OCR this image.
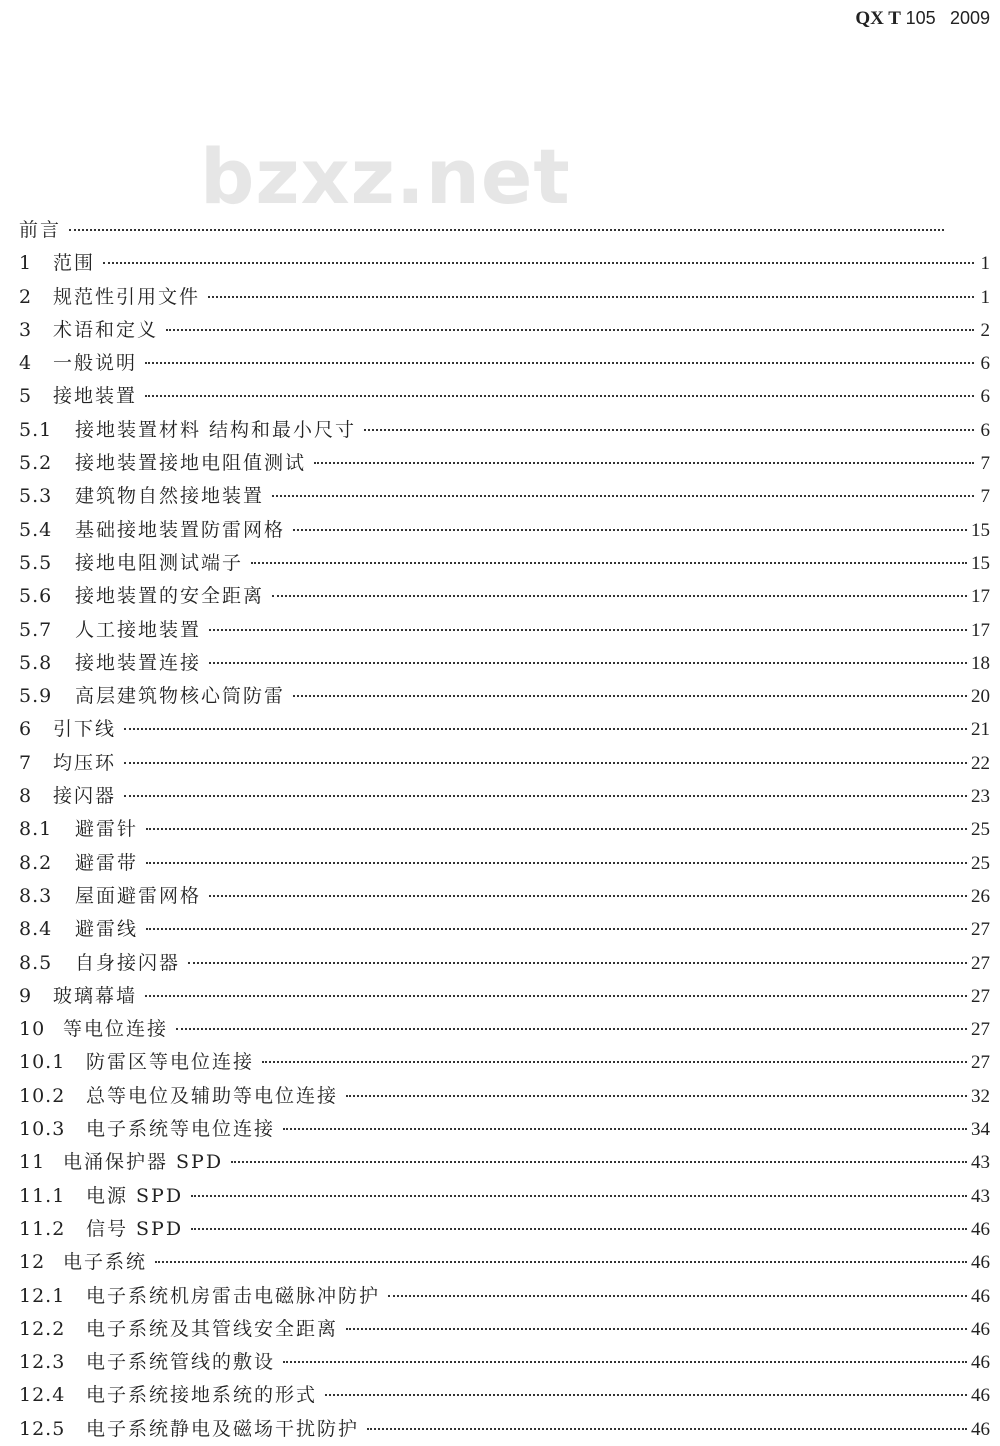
QX T 105 2009
bzxz.net
前言
1	范围	1
2	规范性引用文件	1
3	术语和定义	2
4	一般说明	6
5	接地装置	6
5.1	接地装置材料 结构和最小尺寸	6
5.2	接地装置接地电阻值测试	7
5.3	建筑物自然接地装置	7
5.4	基础接地装置防雷网格	15
5.5	接地电阻测试端子	15
5.6	接地装置的安全距离	17
5.7	人工接地装置	17
5.8	接地装置连接	18
5.9	高层建筑物核心筒防雷	20
6	引下线	21
7	均压环	22
8	接闪器	23
8.1	避雷针	25
8.2	避雷带	25
8.3	屋面避雷网格	26
8.4	避雷线	27
8.5	自身接闪器	27
9	玻璃幕墙	27
10 等电位连接	27
10.1	防雷区等电位连接	27
10.2	总等电位及辅助等电位连接	32
10.3	电子系统等电位连接	34
11 电涌保护器 SPD	43
11.1	电源 SPD	43
11.2	信号 SPD	46
12 电子系统	46
12.1	电子系统机房雷击电磁脉冲防护	46
12.2	电子系统及其管线安全距离	46
12.3	电子系统管线的敷设	46
12.4	电子系统接地系统的形式	46
12.5	电子系统静电及磁场干扰防护	46
